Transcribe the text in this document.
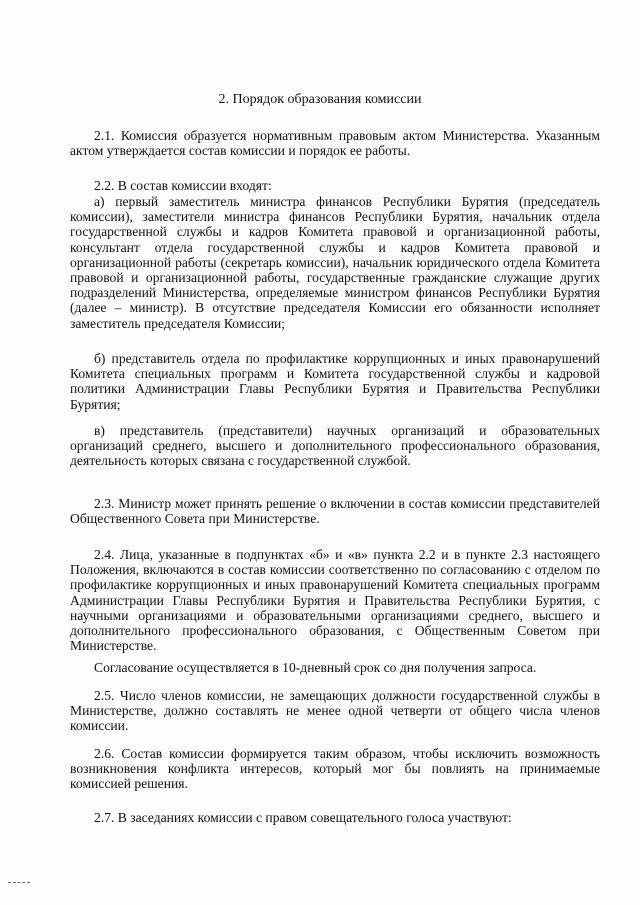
2. Порядок образования комиссии

2.1. Комиссия образуется нормативным правовым актом Министерства. Указанным актом утверждается состав комиссии и порядок ее работы.

2.2. В состав комиссии входят:

а) первый заместитель министра финансов Республики Бурятия (председатель комиссии), заместители министра финансов Республики Бурятия, начальник отдела государственной службы и кадров Комитета правовой и организационной работы, консультант отдела государственной службы и кадров Комитета правовой и организационной работы (секретарь комиссии), начальник юридического отдела Комитета правовой и организационной работы, государственные гражданские служащие других подразделений Министерства, определяемые министром финансов Республики Бурятия (далее – министр). В отсутствие председателя Комиссии его обязанности исполняет заместитель председателя Комиссии;

б) представитель отдела по профилактике коррупционных и иных правонарушений Комитета специальных программ и Комитета государственной службы и кадровой политики Администрации Главы Республики Бурятия и Правительства Республики Бурятия;

в) представитель (представители) научных организаций и образовательных организаций среднего, высшего и дополнительного профессионального образования, деятельность которых связана с государственной службой.

2.3. Министр может принять решение о включении в состав комиссии представителей Общественного Совета при Министерстве.

2.4. Лица, указанные в подпунктах «б» и «в» пункта 2.2 и в пункте 2.3 настоящего Положения, включаются в состав комиссии соответственно по согласованию с отделом по профилактике коррупционных и иных правонарушений Комитета специальных программ Администрации Главы Республики Бурятия и Правительства Республики Бурятия, с научными организациями и образовательными организациями среднего, высшего и дополнительного профессионального образования, с Общественным Советом при Министерстве.

Согласование осуществляется в 10-дневный срок со дня получения запроса.

2.5. Число членов комиссии, не замещающих должности государственной службы в Министерстве, должно составлять не менее одной четверти от общего числа членов комиссии.

2.6. Состав комиссии формируется таким образом, чтобы исключить возможность возникновения конфликта интересов, который мог бы повлиять на принимаемые комиссией решения.

2.7. В заседаниях комиссии с правом совещательного голоса участвуют:
